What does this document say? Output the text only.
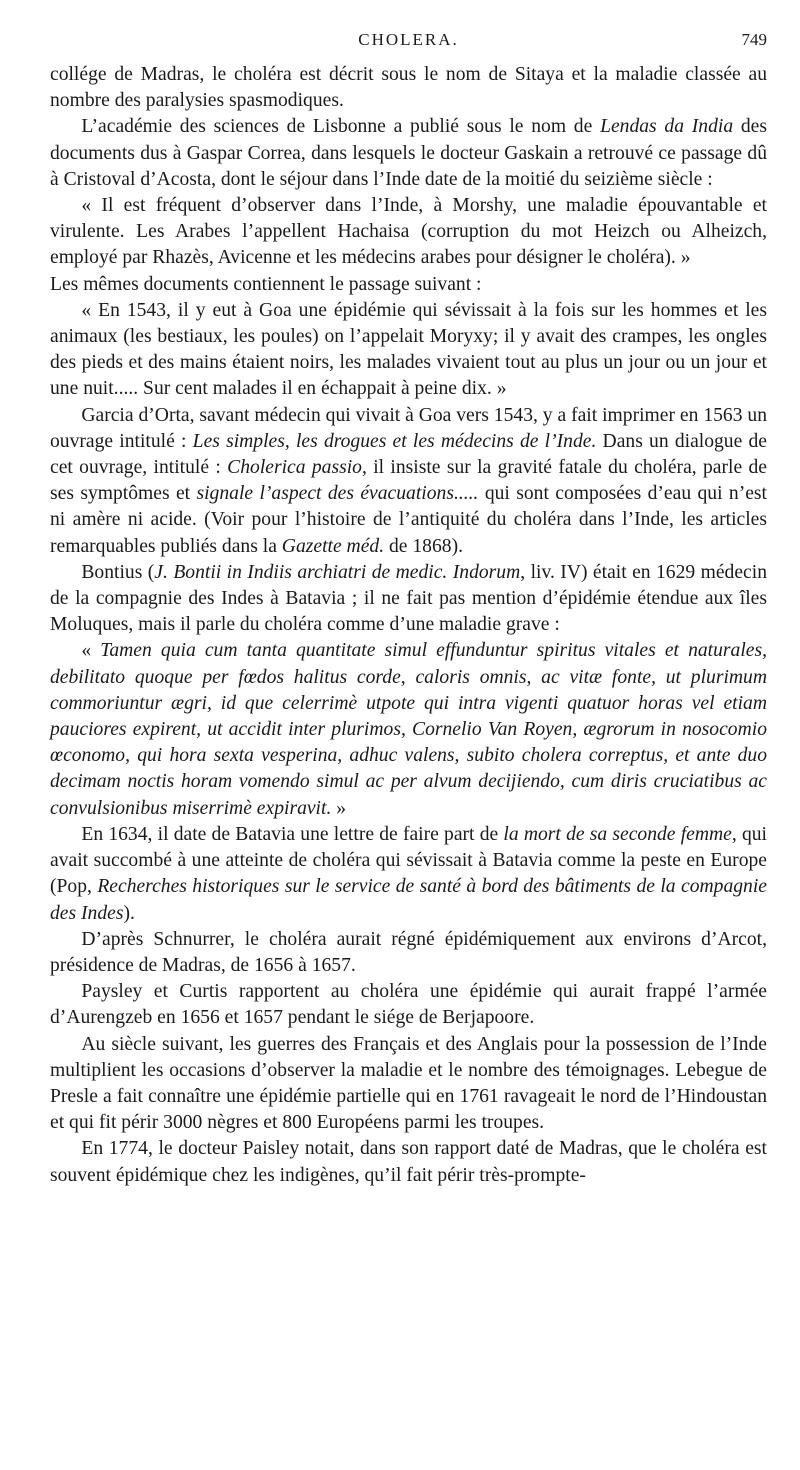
CHOLERA.	749

collége de Madras, le choléra est décrit sous le nom de Sitaya et la maladie classée au nombre des paralysies spasmodiques.

L’académie des sciences de Lisbonne a publié sous le nom de Lendas da India des documents dus à Gaspar Correa, dans lesquels le docteur Gaskain a retrouvé ce passage dû à Cristoval d’Acosta, dont le séjour dans l’Inde date de la moitié du seizième siècle :

« Il est fréquent d’observer dans l’Inde, à Morshy, une maladie épouvantable et virulente. Les Arabes l’appellent Hachaisa (corruption du mot Heizch ou Alheizch, employé par Rhazès, Avicenne et les médecins arabes pour désigner le choléra). »

Les mêmes documents contiennent le passage suivant :

« En 1543, il y eut à Goa une épidémie qui sévissait à la fois sur les hommes et les animaux (les bestiaux, les poules) on l’appelait Moryxy; il y avait des crampes, les ongles des pieds et des mains étaient noirs, les malades vivaient tout au plus un jour ou un jour et une nuit..... Sur cent malades il en échappait à peine dix. »

Garcia d’Orta, savant médecin qui vivait à Goa vers 1543, y a fait imprimer en 1563 un ouvrage intitulé : Les simples, les drogues et les médecins de l’Inde. Dans un dialogue de cet ouvrage, intitulé : Cholerica passio, il insiste sur la gravité fatale du choléra, parle de ses symptômes et signale l’aspect des évacuations..... qui sont composées d’eau qui n’est ni amère ni acide. (Voir pour l’histoire de l’antiquité du choléra dans l’Inde, les articles remarquables publiés dans la Gazette méd. de 1868).

Bontius (J. Bontii in Indiis archiatri de medic. Indorum, liv. IV) était en 1629 médecin de la compagnie des Indes à Batavia ; il ne fait pas mention d’épidémie étendue aux îles Moluques, mais il parle du choléra comme d’une maladie grave :

« Tamen quia cum tanta quantitate simul effunduntur spiritus vitales et naturales, debilitato quoque per fœdos halitus corde, caloris omnis, ac vitæ fonte, ut plurimum commoriuntur ægri, id que celerrimè utpote qui intra vigenti quatuor horas vel etiam pauciores expirent, ut accidit inter plurimos, Cornelio Van Royen, ægrorum in nosocomio œconomo, qui hora sexta vesperina, adhuc valens, subito cholera correptus, et ante duo decimam noctis horam vomendo simul ac per alvum decijiendo, cum diris cruciatibus ac convulsionibus miserrimè expiravit. »

En 1634, il date de Batavia une lettre de faire part de la mort de sa seconde femme, qui avait succombé à une atteinte de choléra qui sévissait à Batavia comme la peste en Europe (Pop, Recherches historiques sur le service de santé à bord des bâtiments de la compagnie des Indes).

D’après Schnurrer, le choléra aurait régné épidémiquement aux environs d’Arcot, présidence de Madras, de 1656 à 1657.

Paysley et Curtis rapportent au choléra une épidémie qui aurait frappé l’armée d’Aurengzeb en 1656 et 1657 pendant le siége de Berjapoore.

Au siècle suivant, les guerres des Français et des Anglais pour la possession de l’Inde multiplient les occasions d’observer la maladie et le nombre des témoignages. Lebegue de Presle a fait connaître une épidémie partielle qui en 1761 ravageait le nord de l’Hindoustan et qui fit périr 3000 nègres et 800 Européens parmi les troupes.

En 1774, le docteur Paisley notait, dans son rapport daté de Madras, que le choléra est souvent épidémique chez les indigènes, qu’il fait périr très-prompte-
